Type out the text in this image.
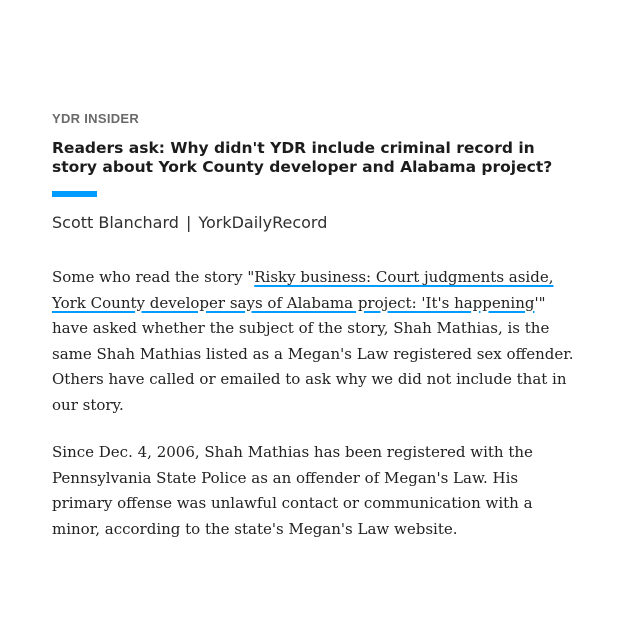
YDR INSIDER

Readers ask: Why didn't YDR include criminal record in story about York County developer and Alabama project?
Scott Blanchard | YorkDailyRecord

Some who read the story "Risky business: Court judgments aside, York County developer says of Alabama project: 'It's happening'" have asked whether the subject of the story, Shah Mathias, is the same Shah Mathias listed as a Megan's Law registered sex offender. Others have called or emailed to ask why we did not include that in our story.

Since Dec. 4, 2006, Shah Mathias has been registered with the Pennsylvania State Police as an offender of Megan's Law. His primary offense was unlawful contact or communication with a minor, according to the state's Megan's Law website.
